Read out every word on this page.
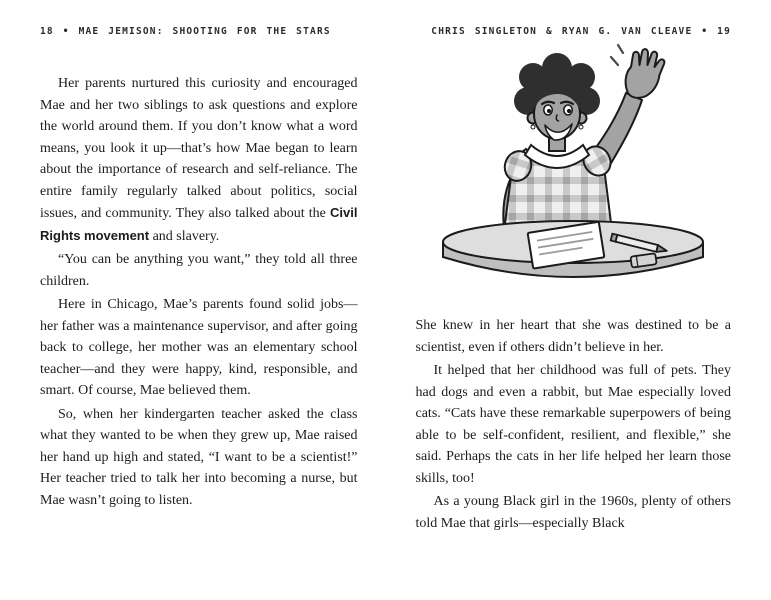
18 • MAE JEMISON: SHOOTING FOR THE STARS

Her parents nurtured this curiosity and encouraged Mae and her two siblings to ask questions and explore the world around them. If you don’t know what a word means, you look it up—that’s how Mae began to learn about the importance of research and self-reliance. The entire family regularly talked about politics, social issues, and community. They also talked about the Civil Rights movement and slavery.

“You can be anything you want,” they told all three children.

Here in Chicago, Mae’s parents found solid jobs—her father was a maintenance supervisor, and after going back to college, her mother was an elementary school teacher—and they were happy, kind, responsible, and smart. Of course, Mae believed them.

So, when her kindergarten teacher asked the class what they wanted to be when they grew up, Mae raised her hand up high and stated, “I want to be a scientist!” Her teacher tried to talk her into becoming a nurse, but Mae wasn’t going to listen.

CHRIS SINGLETON & RYAN G. VAN CLEAVE • 19

She knew in her heart that she was destined to be a scientist, even if others didn’t believe in her.

It helped that her childhood was full of pets. They had dogs and even a rabbit, but Mae especially loved cats. “Cats have these remarkable superpowers of being able to be self-confident, resilient, and flexible,” she said. Perhaps the cats in her life helped her learn those skills, too!

As a young Black girl in the 1960s, plenty of others told Mae that girls—especially Black
